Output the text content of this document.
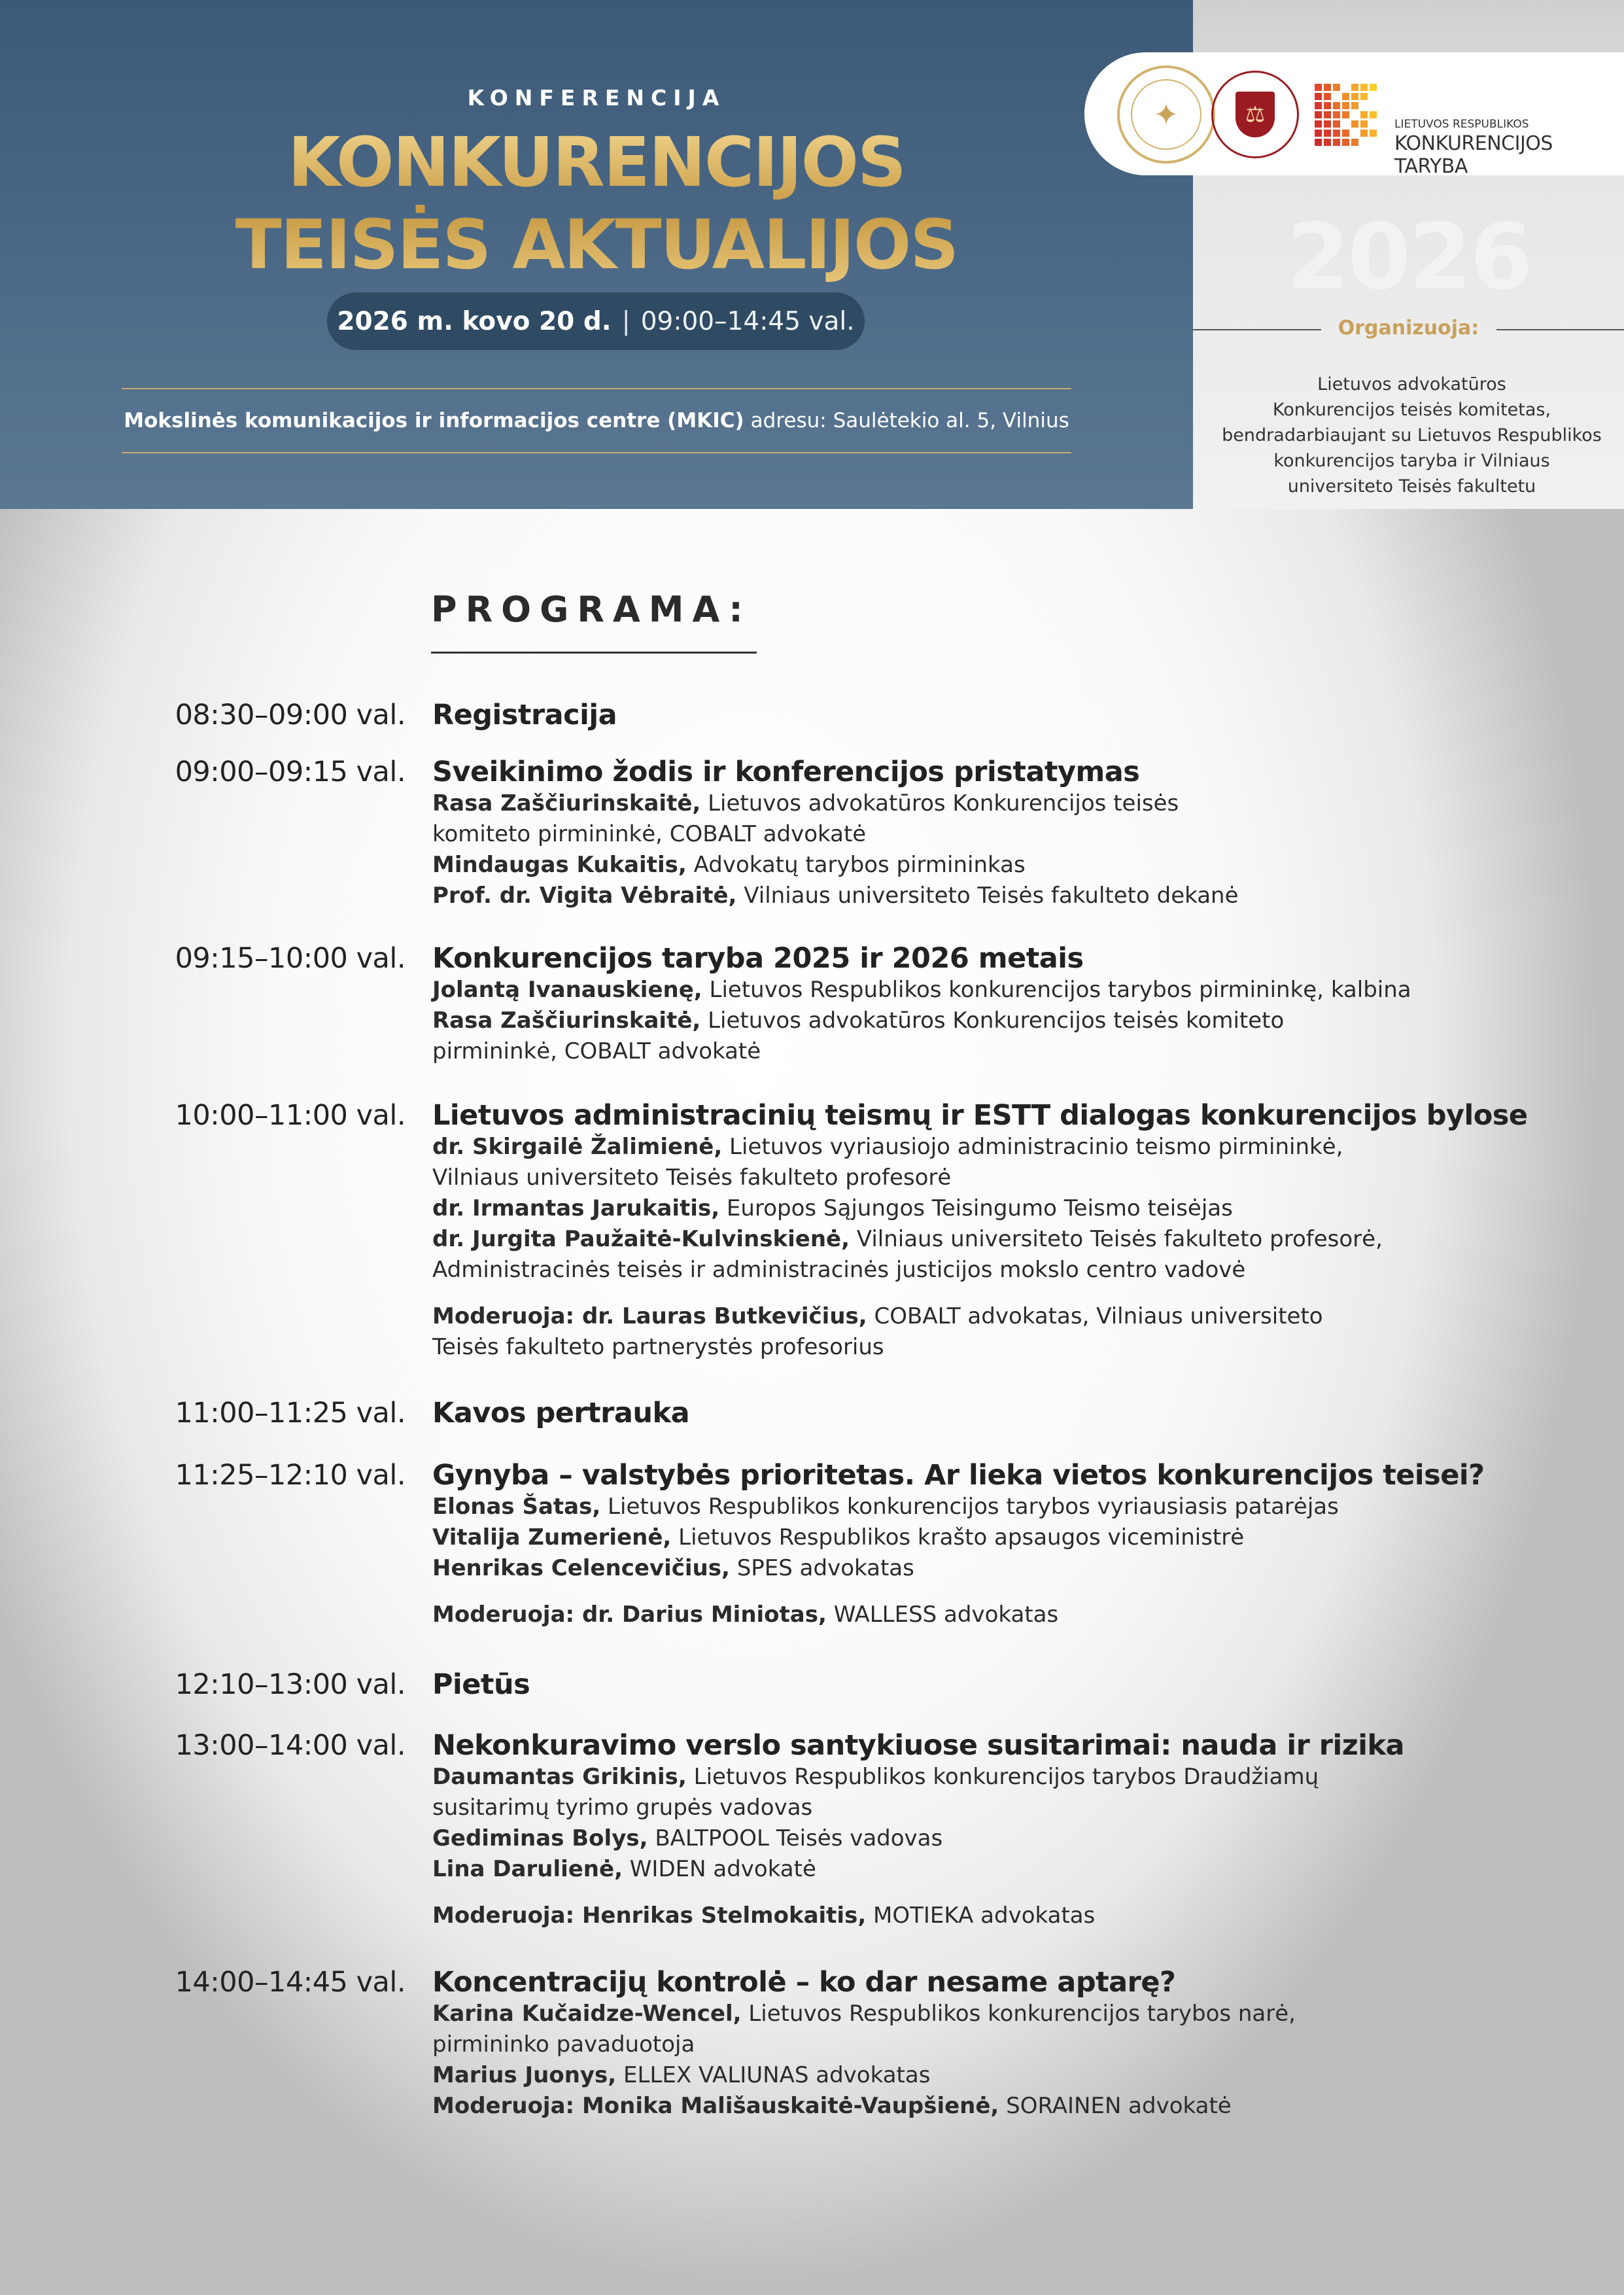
KONFERENCIJA
KONKURENCIJOS
TEISĖS AKTUALIJOS
2026 m. kovo 20 d. | 09:00–14:45 val.
Mokslinės komunikacijos ir informacijos centre (MKIC) adresu: Saulėtekio al. 5, Vilnius
✦	⚖	LIETUVOS RESPUBLIKOS
KONKURENCIJOS TARYBA
2026
Organizuoja:
Lietuvos advokatūros
Konkurencijos teisės komitetas,
bendradarbiaujant su Lietuvos Respublikos
konkurencijos taryba ir Vilniaus
universiteto Teisės fakultetu
PROGRAMA:
08:30–09:00 val. Registracija
09:00–09:15 val. Sveikinimo žodis ir konferencijos pristatymas
Rasa Zaščiurinskaitė, Lietuvos advokatūros Konkurencijos teisės
komiteto pirmininkė, COBALT advokatė
Mindaugas Kukaitis, Advokatų tarybos pirmininkas
Prof. dr. Vigita Vėbraitė, Vilniaus universiteto Teisės fakulteto dekanė
09:15–10:00 val. Konkurencijos taryba 2025 ir 2026 metais
Jolantą Ivanauskienę, Lietuvos Respublikos konkurencijos tarybos pirmininkę, kalbina
Rasa Zaščiurinskaitė, Lietuvos advokatūros Konkurencijos teisės komiteto
pirmininkė, COBALT advokatė
10:00–11:00 val. Lietuvos administracinių teismų ir ESTT dialogas konkurencijos bylose
dr. Skirgailė Žalimienė, Lietuvos vyriausiojo administracinio teismo pirmininkė,
Vilniaus universiteto Teisės fakulteto profesorė
dr. Irmantas Jarukaitis, Europos Sąjungos Teisingumo Teismo teisėjas
dr. Jurgita Paužaitė-Kulvinskienė, Vilniaus universiteto Teisės fakulteto profesorė,
Administracinės teisės ir administracinės justicijos mokslo centro vadovė
Moderuoja: dr. Lauras Butkevičius, COBALT advokatas, Vilniaus universiteto
Teisės fakulteto partnerystės profesorius
11:00–11:25 val. Kavos pertrauka
11:25–12:10 val. Gynyba – valstybės prioritetas. Ar lieka vietos konkurencijos teisei?
Elonas Šatas, Lietuvos Respublikos konkurencijos tarybos vyriausiasis patarėjas
Vitalija Zumerienė, Lietuvos Respublikos krašto apsaugos viceministrė
Henrikas Celencevičius, SPES advokatas
Moderuoja: dr. Darius Miniotas, WALLESS advokatas
12:10–13:00 val. Pietūs
13:00–14:00 val. Nekonkuravimo verslo santykiuose susitarimai: nauda ir rizika
Daumantas Grikinis, Lietuvos Respublikos konkurencijos tarybos Draudžiamų
susitarimų tyrimo grupės vadovas
Gediminas Bolys, BALTPOOL Teisės vadovas
Lina Darulienė, WIDEN advokatė
Moderuoja: Henrikas Stelmokaitis, MOTIEKA advokatas
14:00–14:45 val. Koncentracijų kontrolė – ko dar nesame aptarę?
Karina Kučaidze-Wencel, Lietuvos Respublikos konkurencijos tarybos narė,
pirmininko pavaduotoja
Marius Juonys, ELLEX VALIUNAS advokatas
Moderuoja: Monika Mališauskaitė-Vaupšienė, SORAINEN advokatė
